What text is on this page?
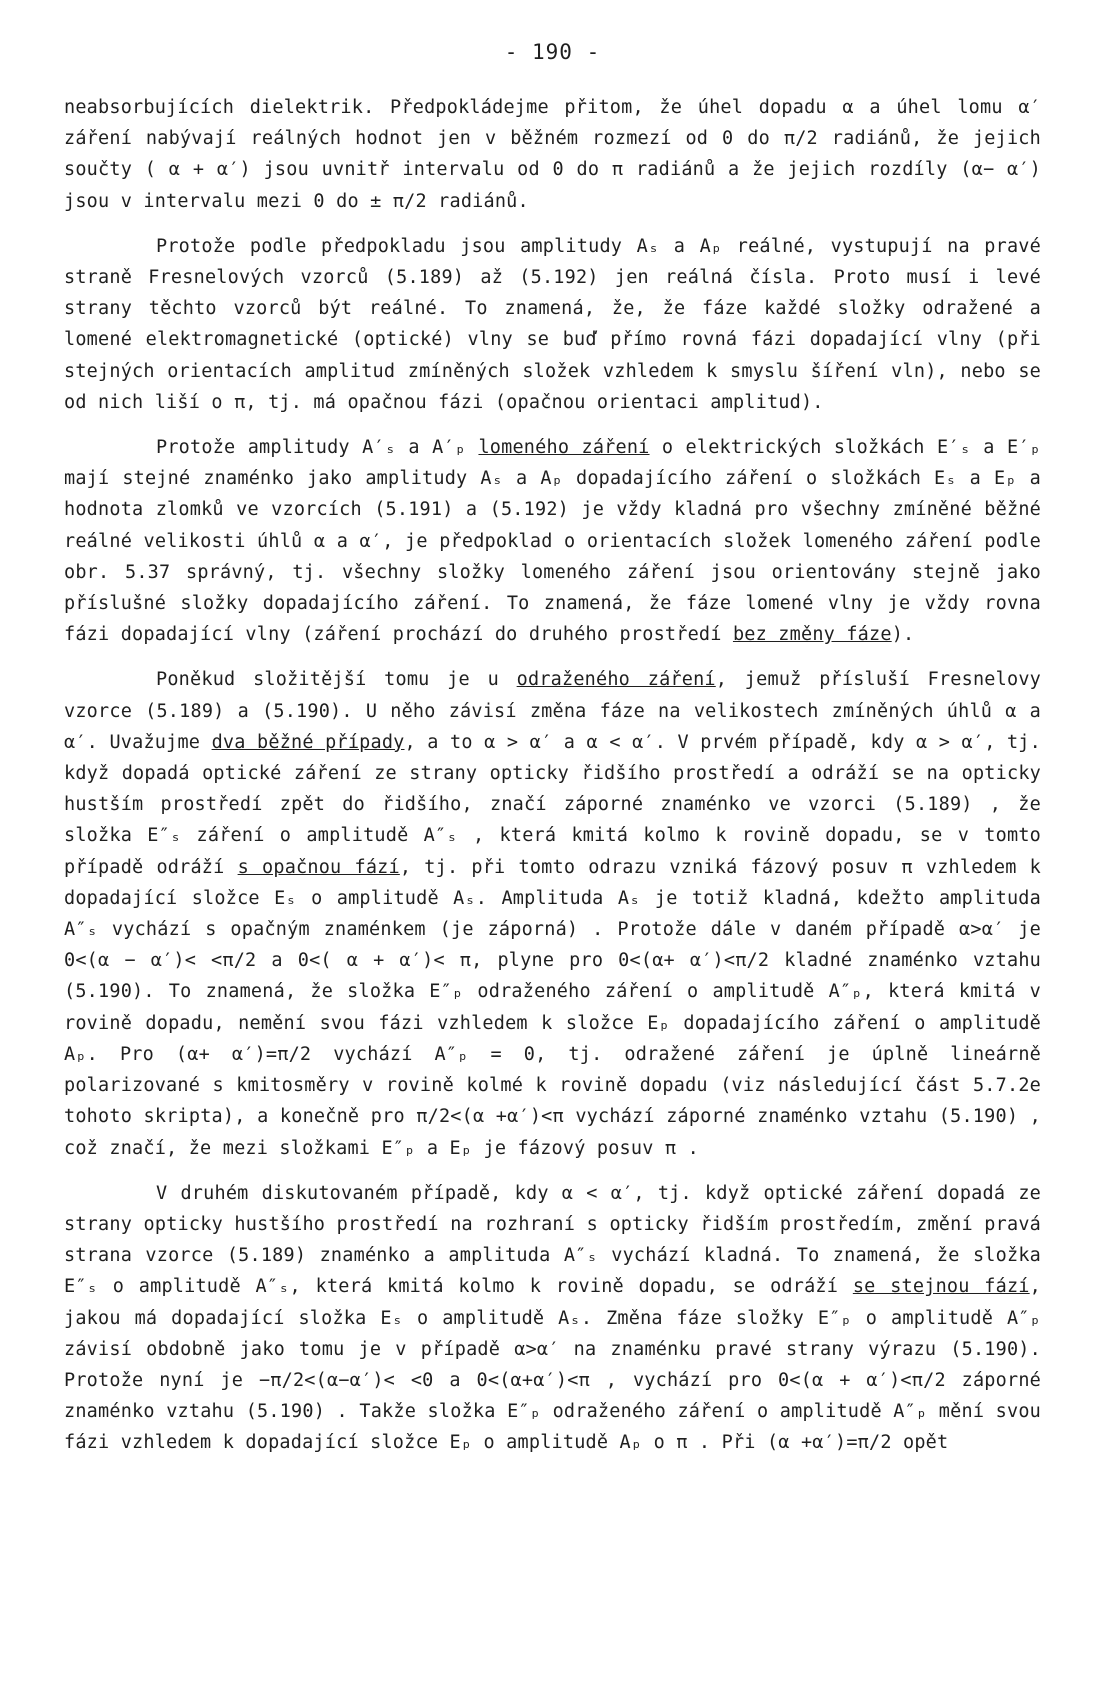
- 190 -

neabsorbujících dielektrik. Předpokládejme přitom, že úhel dopadu α a úhel lomu α′ záření nabývají reálných hodnot jen v běžném rozmezí od 0 do π/2 radiánů, že jejich součty ( α + α′) jsou uvnitř intervalu od 0 do π radiánů a že jejich rozdíly (α− α′) jsou v intervalu mezi 0 do ± π/2 radiánů.

Protože podle předpokladu jsou amplitudy Aₛ a Aₚ reálné, vystupují na pravé straně Fresnelových vzorců (5.189) až (5.192) jen reálná čísla. Proto musí i levé strany těchto vzorců být reálné. To znamená, že, že fáze každé složky odražené a lomené elektromagnetické (optické) vlny se buď přímo rovná fázi dopadající vlny (při stejných orientacích amplitud zmíněných složek vzhledem k smyslu šíření vln), nebo se od nich liší o π, tj. má opačnou fázi (opačnou orientaci amplitud).

Protože amplitudy A′ₛ a A′ₚ lomeného záření o elektrických složkách E′ₛ a E′ₚ mají stejné znaménko jako amplitudy Aₛ a Aₚ dopadajícího záření o složkách Eₛ a Eₚ a hodnota zlomků ve vzorcích (5.191) a (5.192) je vždy kladná pro všechny zmíněné běžné reálné velikosti úhlů α a α′, je předpoklad o orientacích složek lomeného záření podle obr. 5.37 správný, tj. všechny složky lomeného záření jsou orientovány stejně jako příslušné složky dopadajícího záření. To znamená, že fáze lomené vlny je vždy rovna fázi dopadající vlny (záření prochází do druhého prostředí bez změny fáze).

Poněkud složitější tomu je u odraženého záření, jemuž přísluší Fresnelovy vzorce (5.189) a (5.190). U něho závisí změna fáze na velikostech zmíněných úhlů α a α′. Uvažujme dva běžné případy, a to α > α′ a α < α′. V prvém případě, kdy α > α′, tj. když dopadá optické záření ze strany opticky řidšího prostředí a odráží se na opticky hustším prostředí zpět do řidšího, značí záporné znaménko ve vzorci (5.189) , že složka E″ₛ záření o amplitudě A″ₛ , která kmitá kolmo k rovině dopadu, se v tomto případě odráží s opačnou fází, tj. při tomto odrazu vzniká fázový posuv π vzhledem k dopadající složce Eₛ o amplitudě Aₛ. Amplituda Aₛ je totiž kladná, kdežto amplituda A″ₛ vychází s opačným znaménkem (je záporná) . Protože dále v daném případě α>α′ je 0<(α − α′)< <π/2 a 0<( α + α′)< π, plyne pro 0<(α+ α′)<π/2 kladné znaménko vztahu (5.190). To znamená, že složka E″ₚ odraženého záření o amplitudě A″ₚ, která kmitá v rovině dopadu, nemění svou fázi vzhledem k složce Eₚ dopadajícího záření o amplitudě Aₚ. Pro (α+ α′)=π/2 vychází A″ₚ = 0, tj. odražené záření je úplně lineárně polarizované s kmitosměry v rovině kolmé k rovině dopadu (viz následující část 5.7.2e tohoto skripta), a konečně pro π/2<(α +α′)<π vychází záporné znaménko vztahu (5.190) , což značí, že mezi složkami E″ₚ a Eₚ je fázový posuv π .

V druhém diskutovaném případě, kdy α < α′, tj. když optické záření dopadá ze strany opticky hustšího prostředí na rozhraní s opticky řidším prostředím, změní pravá strana vzorce (5.189) znaménko a amplituda A″ₛ vychází kladná. To znamená, že složka E″ₛ o amplitudě A″ₛ, která kmitá kolmo k rovině dopadu, se odráží se stejnou fází, jakou má dopadající složka Eₛ o amplitudě Aₛ. Změna fáze složky E″ₚ o amplitudě A″ₚ závisí obdobně jako tomu je v případě α>α′ na znaménku pravé strany výrazu (5.190). Protože nyní je −π/2<(α−α′)< <0 a 0<(α+α′)<π , vychází pro 0<(α + α′)<π/2 záporné znaménko vztahu (5.190) . Takže složka E″ₚ odraženého záření o amplitudě A″ₚ mění svou fázi vzhledem k dopadající složce Eₚ o amplitudě Aₚ o π . Při (α +α′)=π/2 opět
